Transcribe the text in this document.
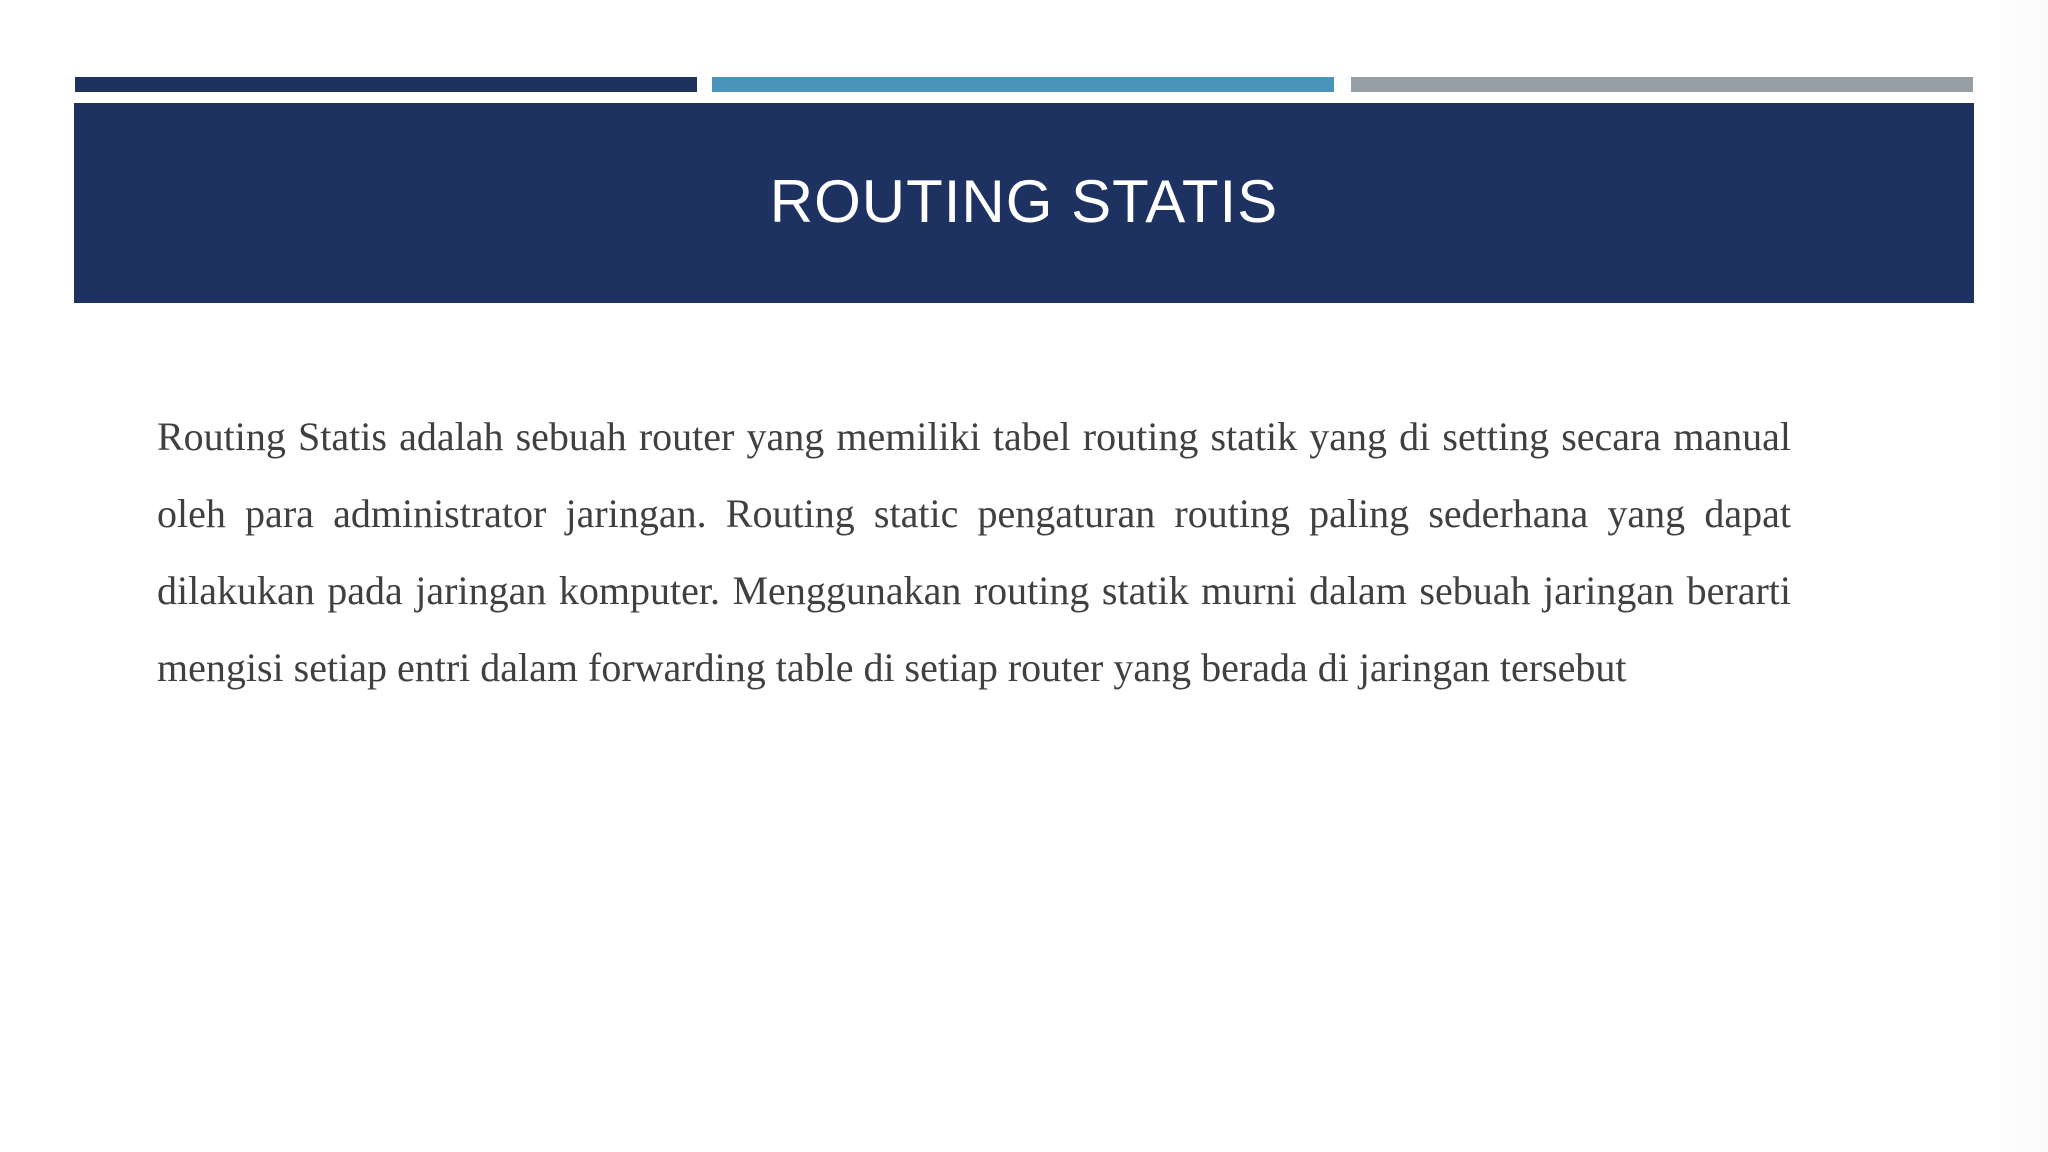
ROUTING STATIS

Routing Statis adalah sebuah router yang memiliki tabel routing statik yang di setting secara manual oleh para administrator jaringan. Routing static pengaturan routing paling sederhana yang dapat dilakukan pada jaringan komputer. Menggunakan routing statik murni dalam sebuah jaringan berarti mengisi setiap entri dalam forwarding table di setiap router yang berada di jaringan tersebut
